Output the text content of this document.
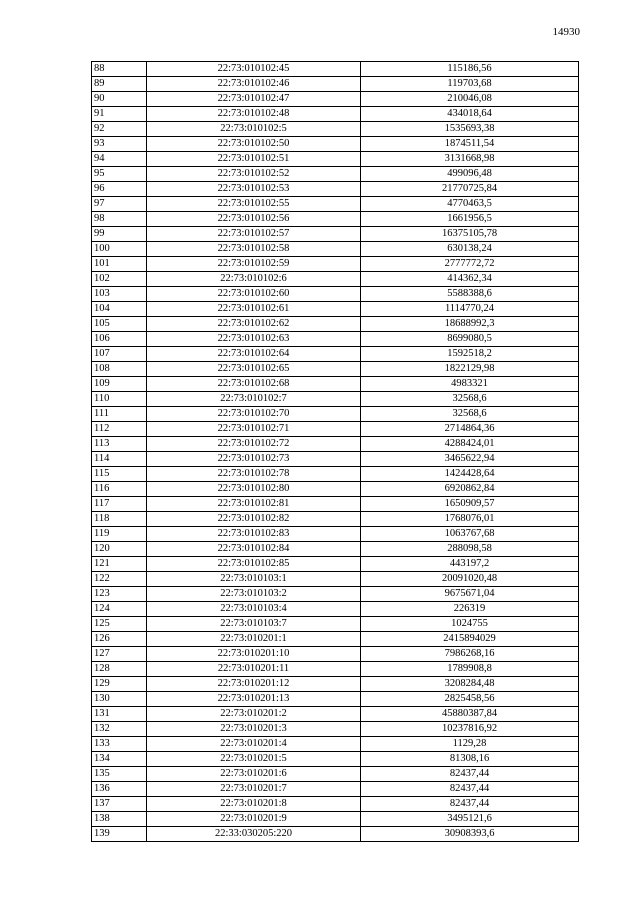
14930
88	22:73:010102:45	115186,56
89	22:73:010102:46	119703,68
90	22:73:010102:47	210046,08
91	22:73:010102:48	434018,64
92	22:73:010102:5	1535693,38
93	22:73:010102:50	1874511,54
94	22:73:010102:51	3131668,98
95	22:73:010102:52	499096,48
96	22:73:010102:53	21770725,84
97	22:73:010102:55	4770463,5
98	22:73:010102:56	1661956,5
99	22:73:010102:57	16375105,78
100	22:73:010102:58	630138,24
101	22:73:010102:59	2777772,72
102	22:73:010102:6	414362,34
103	22:73:010102:60	5588388,6
104	22:73:010102:61	1114770,24
105	22:73:010102:62	18688992,3
106	22:73:010102:63	8699080,5
107	22:73:010102:64	1592518,2
108	22:73:010102:65	1822129,98
109	22:73:010102:68	4983321
110	22:73:010102:7	32568,6
111	22:73:010102:70	32568,6
112	22:73:010102:71	2714864,36
113	22:73:010102:72	4288424,01
114	22:73:010102:73	3465622,94
115	22:73:010102:78	1424428,64
116	22:73:010102:80	6920862,84
117	22:73:010102:81	1650909,57
118	22:73:010102:82	1768076,01
119	22:73:010102:83	1063767,68
120	22:73:010102:84	288098,58
121	22:73:010102:85	443197,2
122	22:73:010103:1	20091020,48
123	22:73:010103:2	9675671,04
124	22:73:010103:4	226319
125	22:73:010103:7	1024755
126	22:73:010201:1	2415894029
127	22:73:010201:10	7986268,16
128	22:73:010201:11	1789908,8
129	22:73:010201:12	3208284,48
130	22:73:010201:13	2825458,56
131	22:73:010201:2	45880387,84
132	22:73:010201:3	10237816,92
133	22:73:010201:4	1129,28
134	22:73:010201:5	81308,16
135	22:73:010201:6	82437,44
136	22:73:010201:7	82437,44
137	22:73:010201:8	82437,44
138	22:73:010201:9	3495121,6
139	22:33:030205:220	30908393,6
